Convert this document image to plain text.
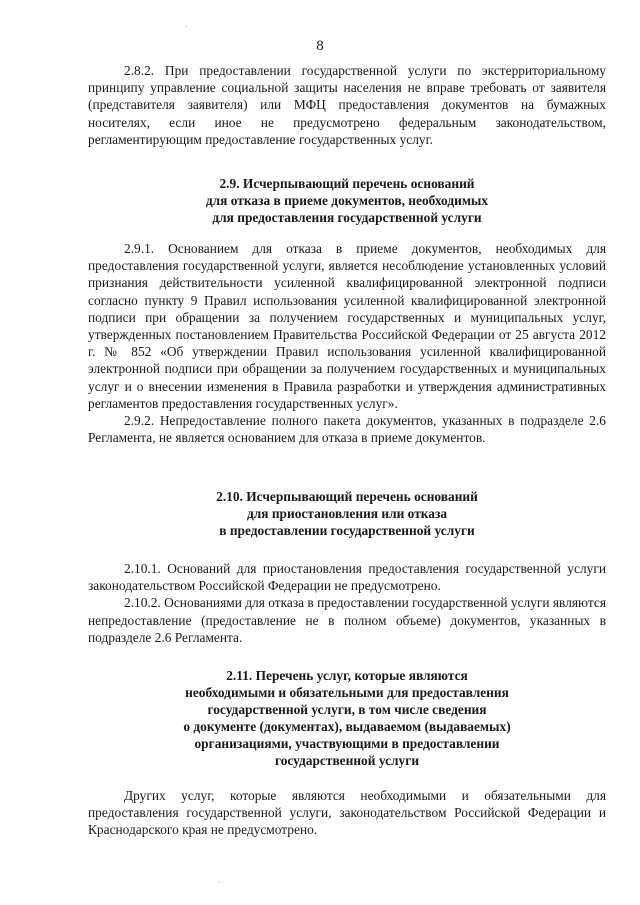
.
·
8

2.8.2. При предоставлении государственной услуги по экстерриториальному принципу управление социальной защиты населения не вправе требовать от заявителя (представителя заявителя) или МФЦ предоставления документов на бумажных носителях, если иное не предусмотрено федеральным законодательством, регламентирующим предоставление государственных услуг.

2.9. Исчерпывающий перечень оснований
для отказа в приеме документов, необходимых
для предоставления государственной услуги

2.9.1. Основанием для отказа в приеме документов, необходимых для предоставления государственной услуги, является несоблюдение установленных условий признания действительности усиленной квалифицированной электронной подписи согласно пункту 9 Правил использования усиленной квалифицированной электронной подписи при обращении за получением государственных и муниципальных услуг, утвержденных постановлением Правительства Российской Федерации от 25 августа 2012 г. № 852 «Об утверждении Правил использования усиленной квалифицированной электронной подписи при обращении за получением государственных и муниципальных услуг и о внесении изменения в Правила разработки и утверждения административных регламентов предоставления государственных услуг».

2.9.2. Непредоставление полного пакета документов, указанных в подразделе 2.6 Регламента, не является основанием для отказа в приеме документов.

2.10. Исчерпывающий перечень оснований
для приостановления или отказа
в предоставлении государственной услуги

2.10.1. Оснований для приостановления предоставления государственной услуги законодательством Российской Федерации не предусмотрено.

2.10.2. Основаниями для отказа в предоставлении государственной услуги являются непредоставление (предоставление не в полном объеме) документов, указанных в подразделе 2.6 Регламента.

2.11. Перечень услуг, которые являются
необходимыми и обязательными для предоставления
государственной услуги, в том числе сведения
о документе (документах), выдаваемом (выдаваемых)
организациями, участвующими в предоставлении
государственной услуги

Других услуг, которые являются необходимыми и обязательными для предоставления государственной услуги, законодательством Российской Федерации и Краснодарского края не предусмотрено.
